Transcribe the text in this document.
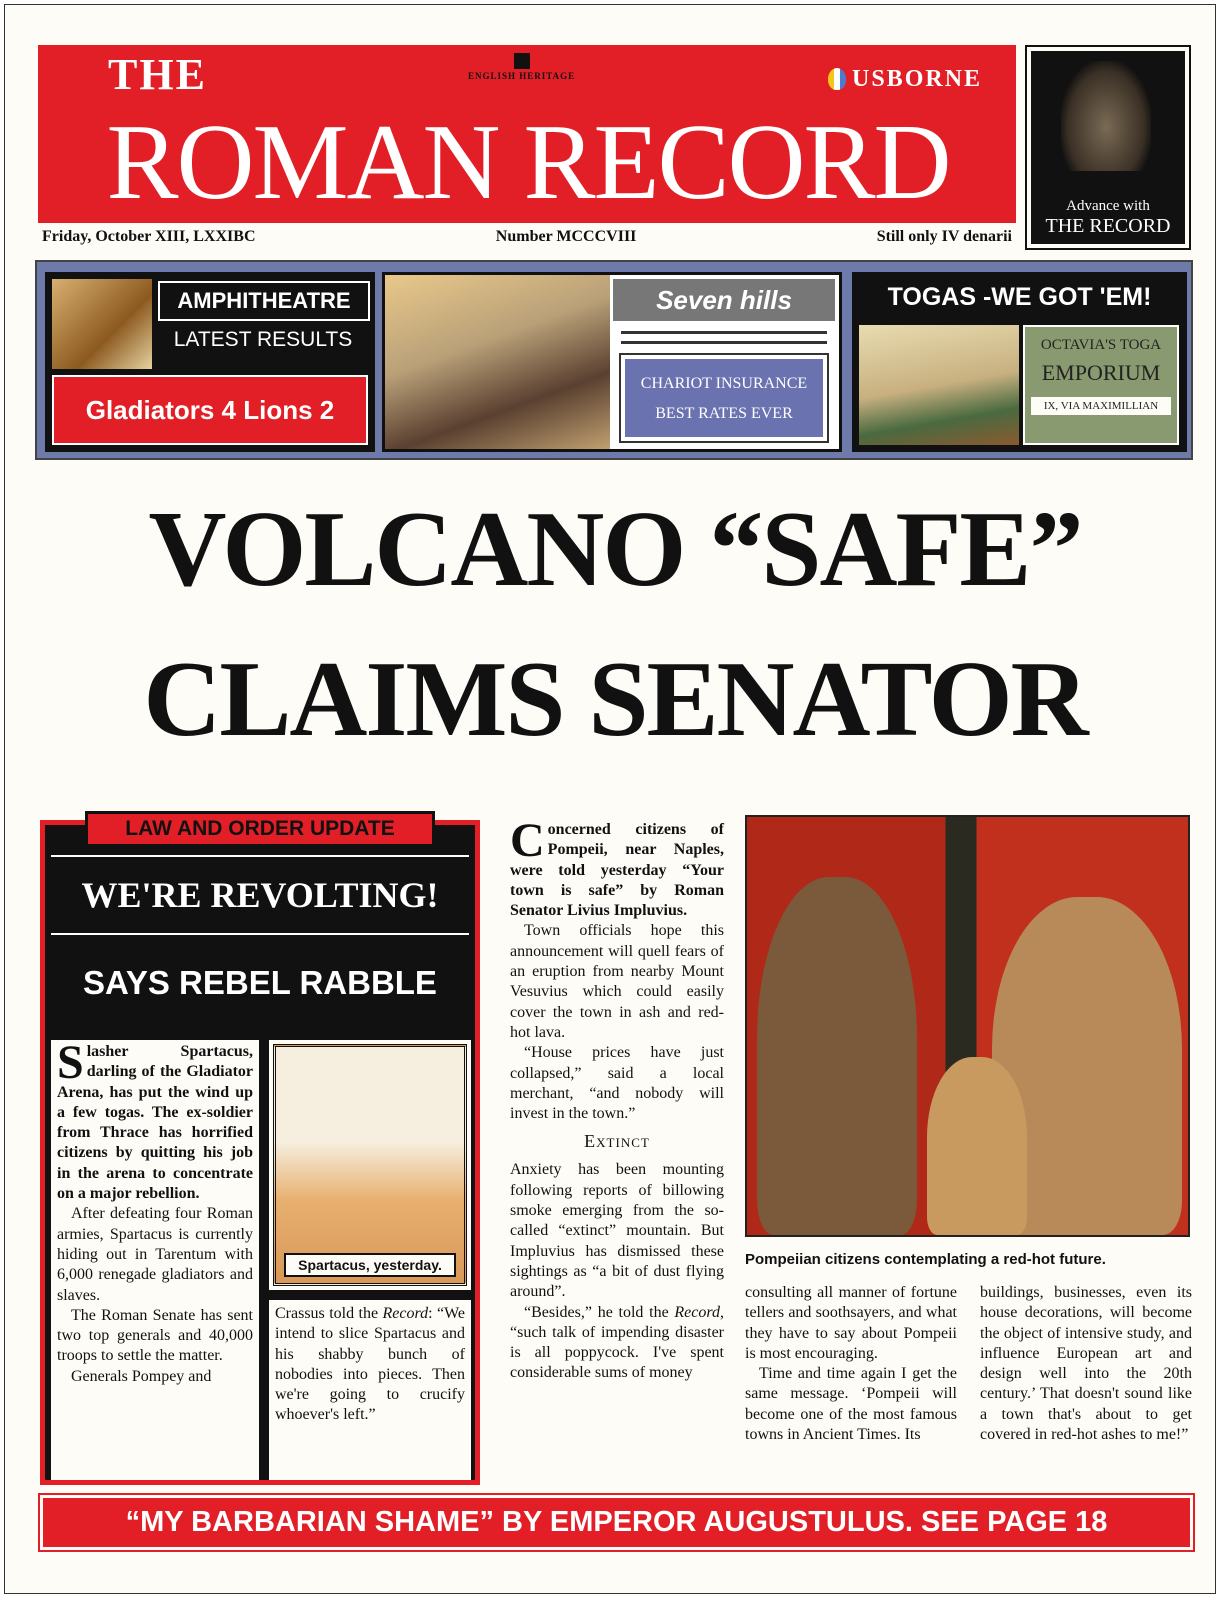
THE	ENGLISH HERITAGE	USBORNE
ROMAN RECORD
Friday, October XIII, LXXIBC	Number MCCCVIII	Still only IV denarii
Advance with
THE RECORD
AMPHITHEATRE
LATEST RESULTS
Gladiators 4 Lions 2
Seven hills
CHARIOT INSURANCE
BEST RATES EVER
TOGAS -WE GOT 'EM!
OCTAVIA'S TOGA
EMPORIUM
IX, VIA MAXIMILLIAN
VOLCANO “SAFE”
CLAIMS SENATOR
LAW AND ORDER UPDATE
WE'RE REVOLTING!
SAYS REBEL RABBLE

Slasher Spartacus, darling of the Gladiator Arena, has put the wind up a few togas. The ex-soldier from Thrace has horrified citizens by quitting his job in the arena to concentrate on a major rebellion.

After defeating four Roman armies, Spartacus is currently hiding out in Tarentum with 6,000 renegade gladiators and slaves.

The Roman Senate has sent two top generals and 40,000 troops to settle the matter.

Generals Pompey and

Spartacus, yesterday.
Crassus told the Record: “We intend to slice Spartacus and his shabby bunch of nobodies into pieces. Then we're going to crucify whoever's left.”

Concerned citizens of Pompeii, near Naples, were told yesterday “Your town is safe” by Roman Senator Livius Impluvius.

Town officials hope this announcement will quell fears of an eruption from nearby Mount Vesuvius which could easily cover the town in ash and red-hot lava.

“House prices have just collapsed,” said a local merchant, “and nobody will invest in the town.”

Extinct

Anxiety has been mounting following reports of billowing smoke emerging from the so-called “extinct” mountain. But Impluvius has dismissed these sightings as “a bit of dust flying around”.

“Besides,” he told the Record, “such talk of impending disaster is all poppycock. I've spent considerable sums of money

Pompeiian citizens contemplating a red-hot future.

consulting all manner of fortune tellers and soothsayers, and what they have to say about Pompeii is most encouraging.

Time and time again I get the same message. ‘Pompeii will become one of the most famous towns in Ancient Times. Its

buildings, businesses, even its house decorations, will become the object of intensive study, and influence European art and design well into the 20th century.’ That doesn't sound like a town that's about to get covered in red-hot ashes to me!”

“MY BARBARIAN SHAME” BY EMPEROR AUGUSTULUS. SEE PAGE 18
